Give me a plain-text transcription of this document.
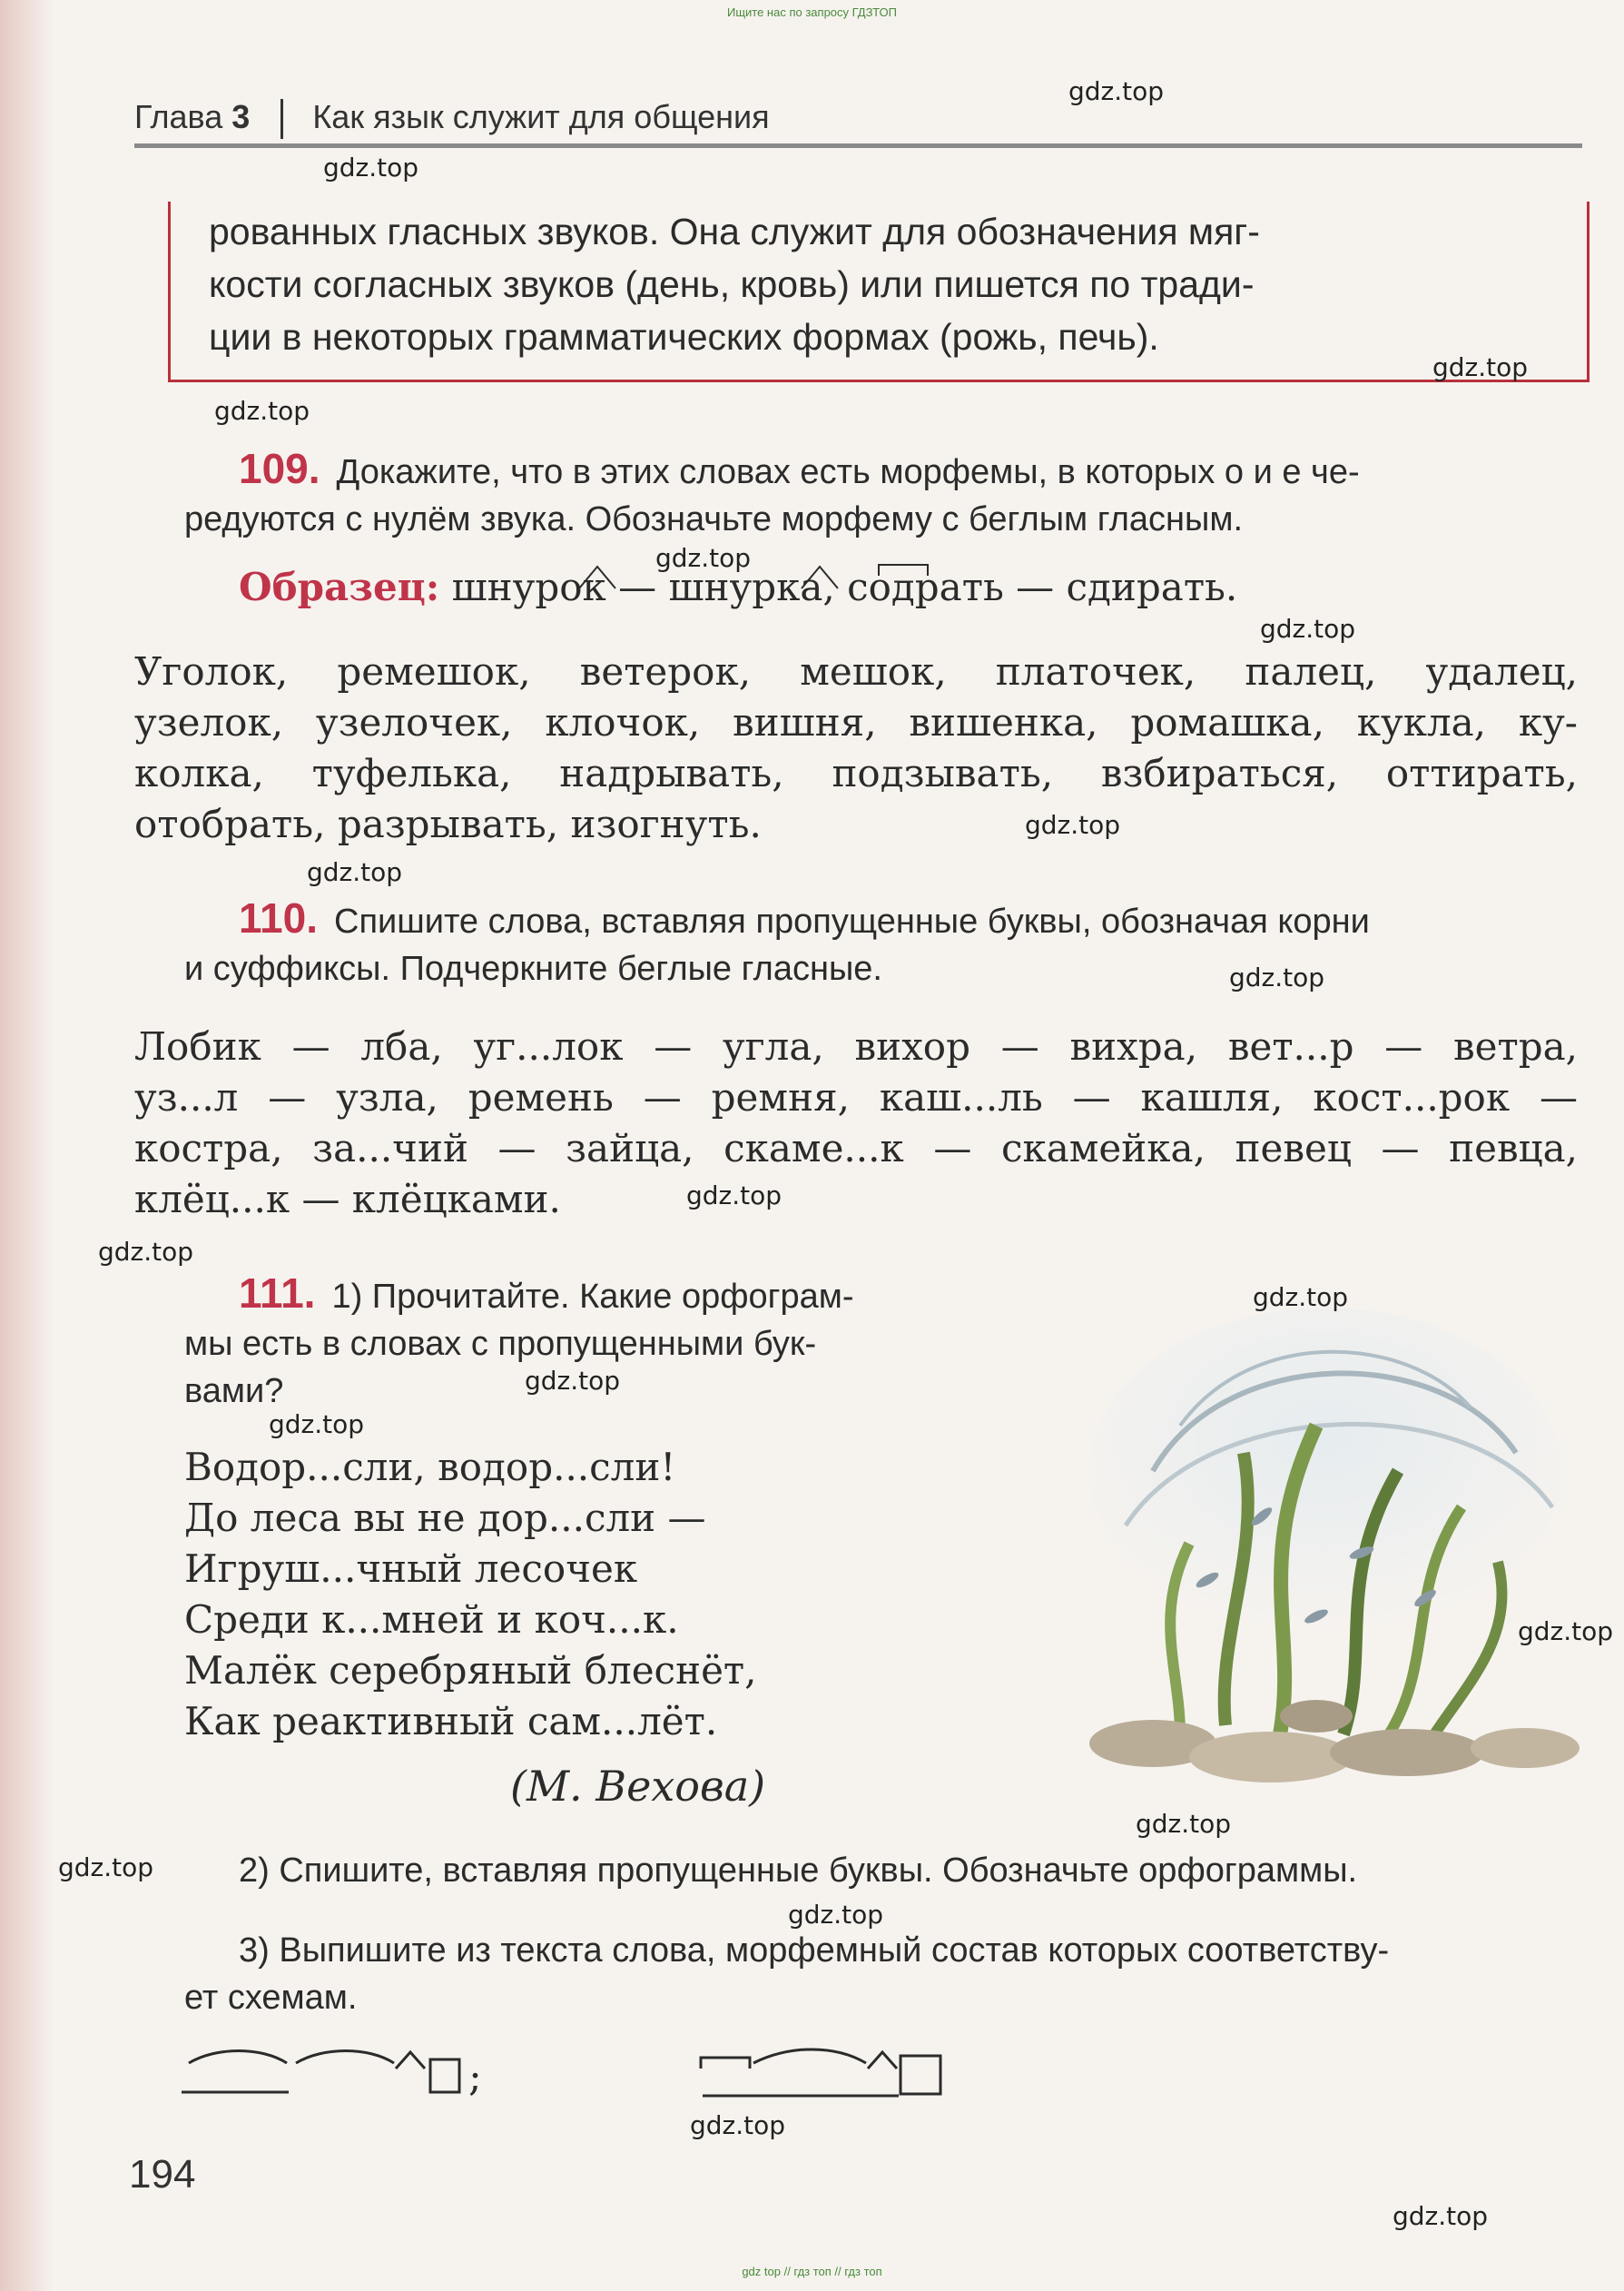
Ищите нас по запросу ГДЗТОП
Глава 3 Как язык служит для общения
рованных гласных звуков. Она служит для обозначения мяг-
кости согласных звуков (день, кровь) или пишется по тради-
ции в некоторых грамматических формах (рожь, печь).
109. Докажите, что в этих словах есть морфемы, в которых о и е че-
редуются с нулём звука. Обозначьте морфему с беглым гласным.
Образец: шнурок — шнурка, содрать — сдирать.
Уголок, ремешок, ветерок, мешок, платочек, палец, удалец,
узелок, узелочек, клочок, вишня, вишенка, ромашка, кукла, ку-
колка, туфелька, надрывать, подзывать, взбираться, оттирать,
отобрать, разрывать, изогнуть.
110. Спишите слова, вставляя пропущенные буквы, обозначая корни
и суффиксы. Подчеркните беглые гласные.
Лобик — лба, уг...лок — угла, вихор — вихра, вет...р — ветра,
уз...л — узла, ремень — ремня, каш...ль — кашля, кост...рок —
костра, за...чий — зайца, скаме...к — скамейка, певец — певца,
клёц...к — клёцками.
111. 1) Прочитайте. Какие орфограм-
мы есть в словах с пропущенными бук-
вами?
Водор...сли, водор...сли!
До леса вы не дор...сли —
Игруш...чный лесочек
Среди к...мней и коч...к.
Малёк серебряный блеснёт,
Как реактивный сам...лёт.
(М. Вехова)
2) Спишите, вставляя пропущенные буквы. Обозначьте орфограммы.
3) Выпишите из текста слова, морфемный состав которых соответству-
ет схемам.
;
194
gdz.top
gdz.top
gdz.top
gdz.top
gdz.top
gdz.top
gdz.top
gdz.top
gdz.top
gdz.top
gdz.top
gdz.top
gdz.top
gdz.top
gdz.top
gdz.top
gdz.top
gdz.top
gdz.top
gdz.top
gdz top // гдз топ // гдз топ
